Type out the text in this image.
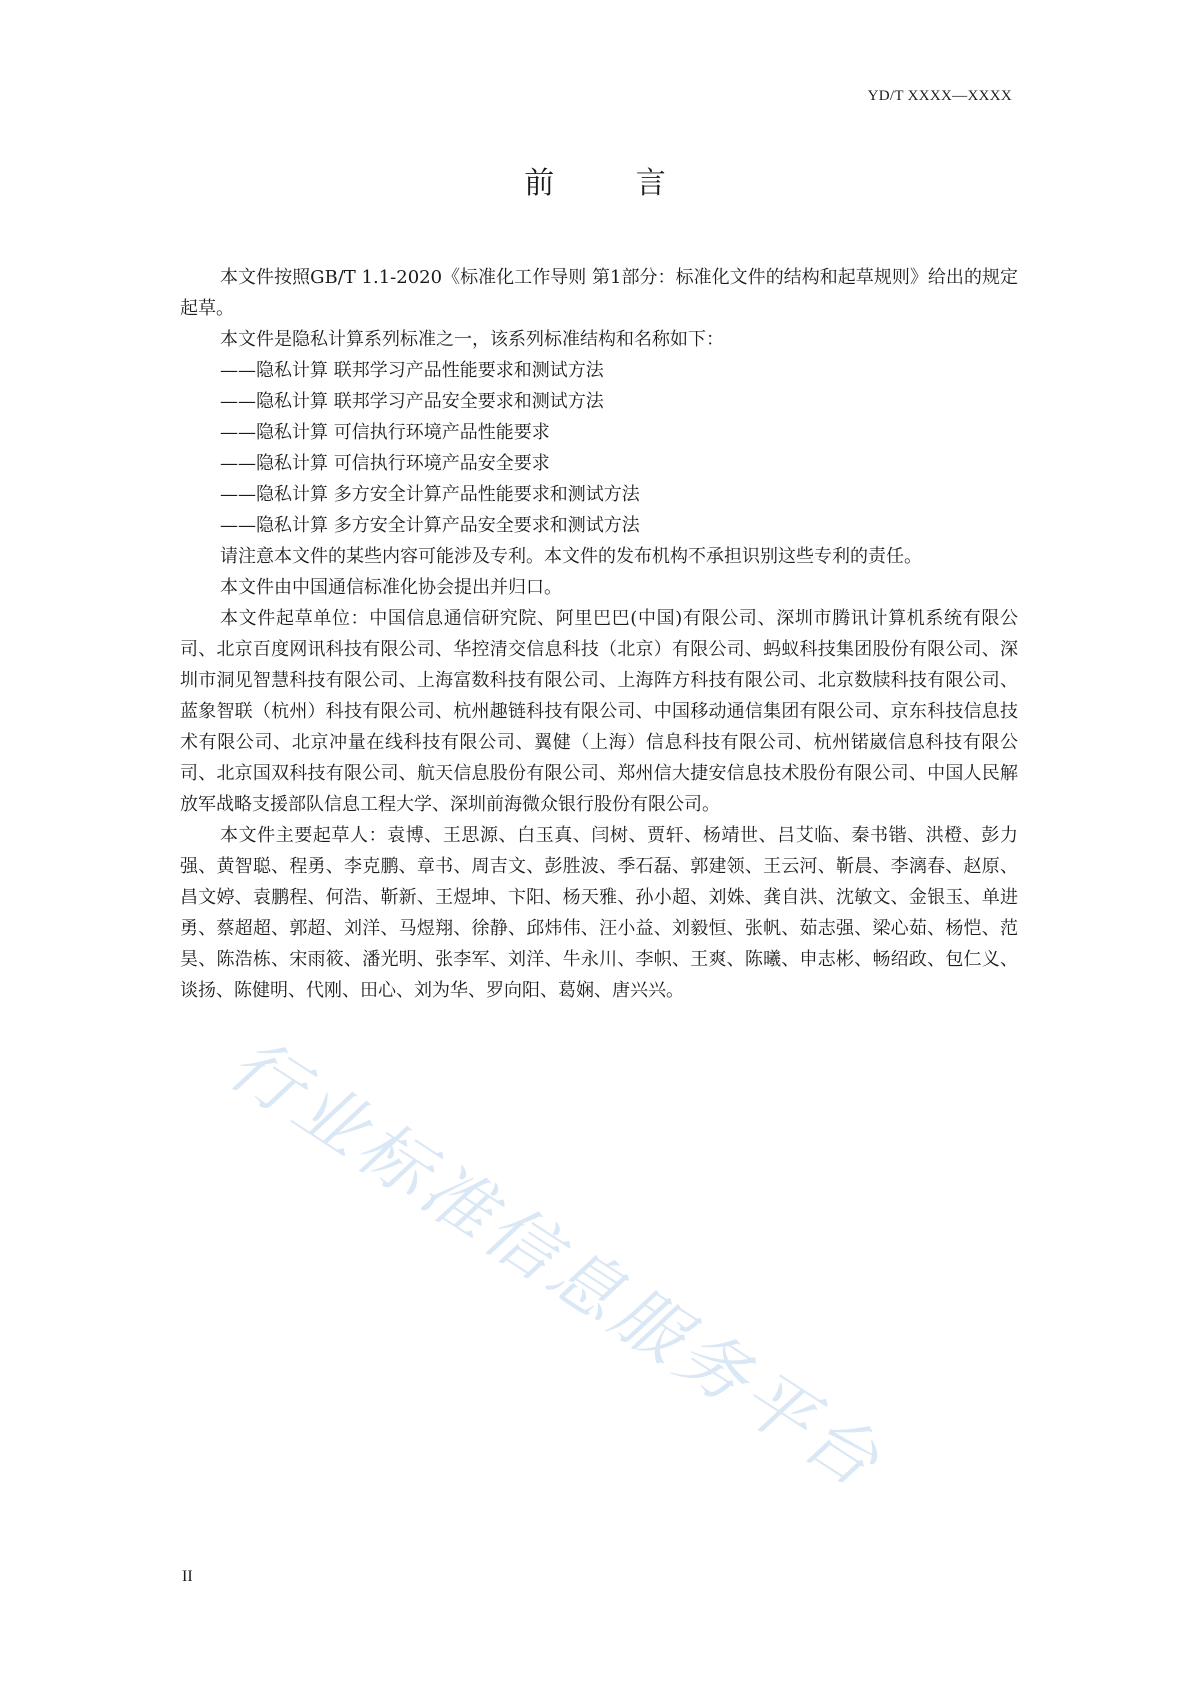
YD/T XXXX—XXXX
前 言

本文件按照GB/T 1.1-2020《标准化工作导则 第1部分：标准化文件的结构和起草规则》给出的规定起草。

本文件是隐私计算系列标准之一，该系列标准结构和名称如下：

——隐私计算 联邦学习产品性能要求和测试方法

——隐私计算 联邦学习产品安全要求和测试方法

——隐私计算 可信执行环境产品性能要求

——隐私计算 可信执行环境产品安全要求

——隐私计算 多方安全计算产品性能要求和测试方法

——隐私计算 多方安全计算产品安全要求和测试方法

请注意本文件的某些内容可能涉及专利。本文件的发布机构不承担识别这些专利的责任。

本文件由中国通信标准化协会提出并归口。

本文件起草单位：中国信息通信研究院、阿里巴巴(中国)有限公司、深圳市腾讯计算机系统有限公司、北京百度网讯科技有限公司、华控清交信息科技（北京）有限公司、蚂蚁科技集团股份有限公司、深圳市洞见智慧科技有限公司、上海富数科技有限公司、上海阵方科技有限公司、北京数牍科技有限公司、蓝象智联（杭州）科技有限公司、杭州趣链科技有限公司、中国移动通信集团有限公司、京东科技信息技术有限公司、北京冲量在线科技有限公司、翼健（上海）信息科技有限公司、杭州锘崴信息科技有限公司、北京国双科技有限公司、航天信息股份有限公司、郑州信大捷安信息技术股份有限公司、中国人民解放军战略支援部队信息工程大学、深圳前海微众银行股份有限公司。

本文件主要起草人：袁博、王思源、白玉真、闫树、贾轩、杨靖世、吕艾临、秦书锴、洪橙、彭力强、黄智聪、程勇、李克鹏、章书、周吉文、彭胜波、季石磊、郭建领、王云河、靳晨、李漓春、赵原、昌文婷、袁鹏程、何浩、靳新、王煜坤、卞阳、杨天雅、孙小超、刘姝、龚自洪、沈敏文、金银玉、单进勇、蔡超超、郭超、刘洋、马煜翔、徐静、邱炜伟、汪小益、刘毅恒、张帆、茹志强、梁心茹、杨恺、范昊、陈浩栋、宋雨筱、潘光明、张李军、刘洋、牛永川、李帜、王爽、陈曦、申志彬、畅绍政、包仁义、谈扬、陈健明、代刚、田心、刘为华、罗向阳、葛娴、唐兴兴。

行业标准信息服务平台
II
